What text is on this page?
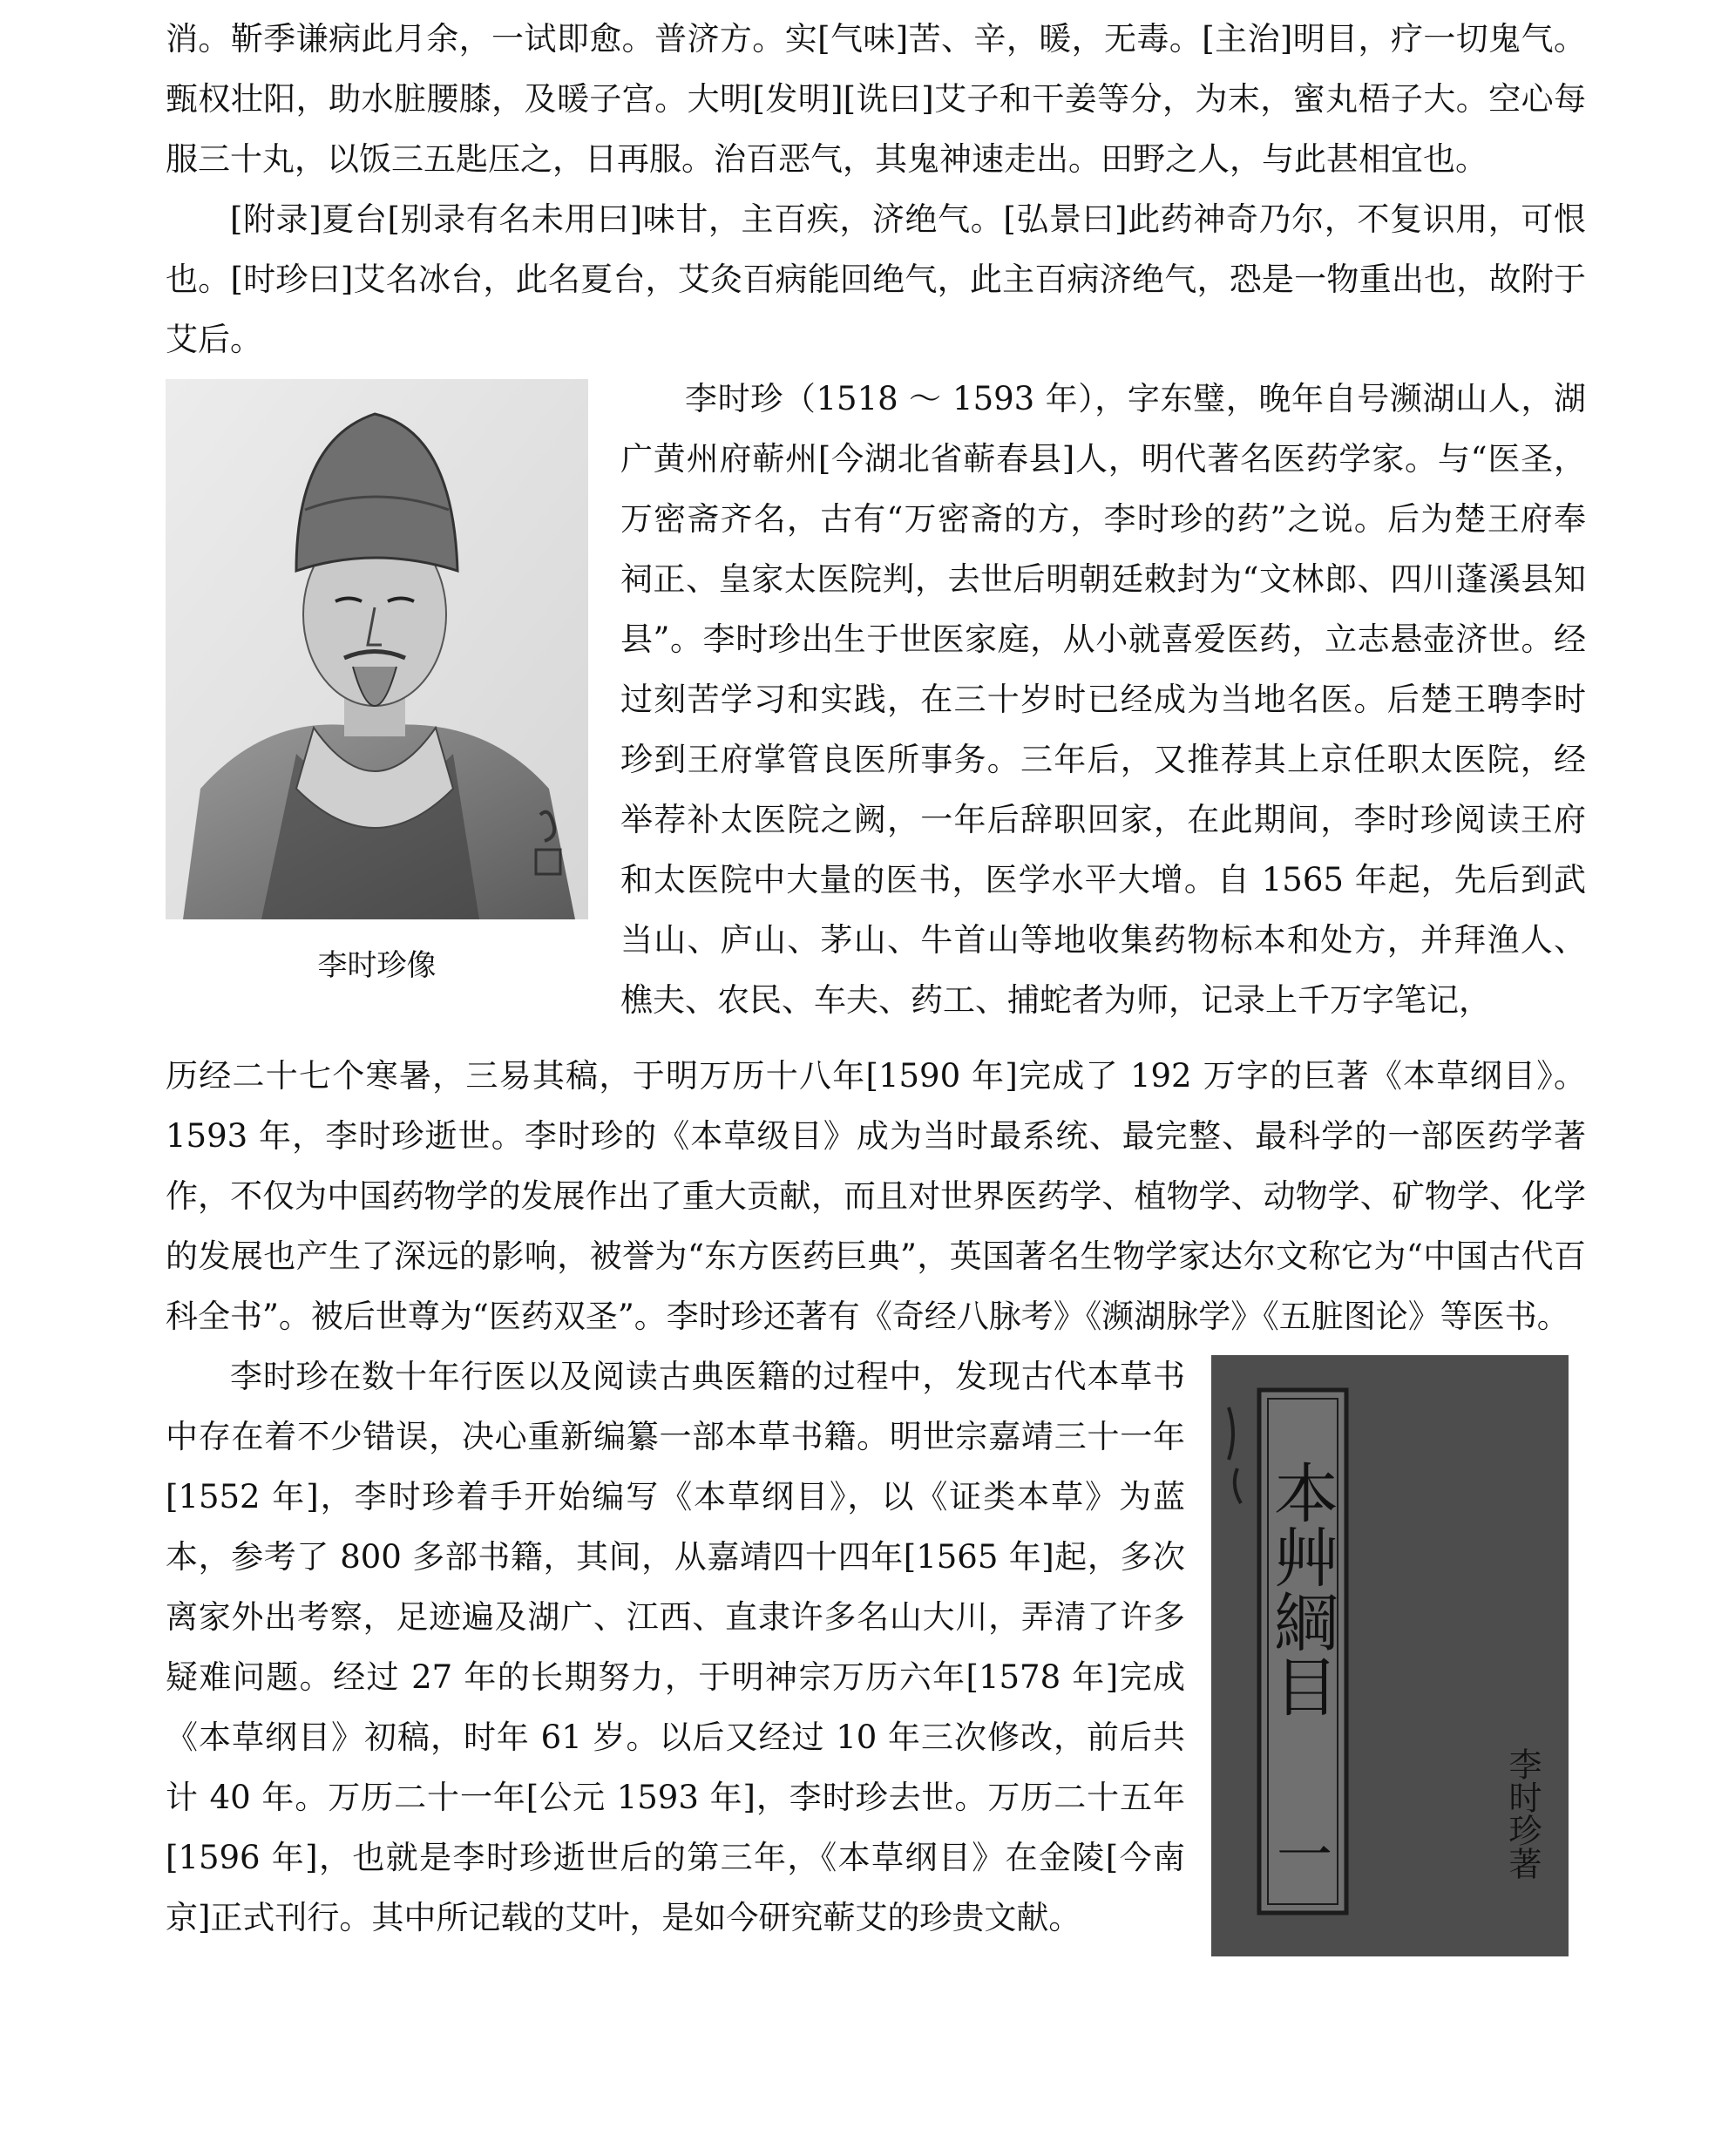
消。靳季谦病此月余，一试即愈。普济方。实[气味]苦、辛，暖，无毒。[主治]明目，疗一切鬼气。甄权壮阳，助水脏腰膝，及暖子宫。大明[发明][诜曰]艾子和干姜等分，为末，蜜丸梧子大。空心每服三十丸，以饭三五匙压之，日再服。治百恶气，其鬼神速走出。田野之人，与此甚相宜也。

[附录]夏台[别录有名未用曰]味甘，主百疾，济绝气。[弘景曰]此药神奇乃尔，不复识用，可恨也。[时珍曰]艾名冰台，此名夏台，艾灸百病能回绝气，此主百病济绝气，恐是一物重出也，故附于艾后。

李时珍像

李时珍（1518 ～ 1593 年），字东璧，晚年自号濒湖山人，湖广黄州府蕲州[今湖北省蕲春县]人，明代著名医药学家。与“医圣，万密斋齐名，古有“万密斋的方，李时珍的药”之说。后为楚王府奉祠正、皇家太医院判，去世后明朝廷敕封为“文林郎、四川蓬溪县知县”。李时珍出生于世医家庭，从小就喜爱医药，立志悬壶济世。经过刻苦学习和实践，在三十岁时已经成为当地名医。后楚王聘李时珍到王府掌管良医所事务。三年后，又推荐其上京任职太医院，经举荐补太医院之阙，一年后辞职回家，在此期间，李时珍阅读王府和太医院中大量的医书，医学水平大增。自 1565 年起，先后到武当山、庐山、茅山、牛首山等地收集药物标本和处方，并拜渔人、樵夫、农民、车夫、药工、捕蛇者为师，记录上千万字笔记，

历经二十七个寒暑，三易其稿，于明万历十八年[1590 年]完成了 192 万字的巨著《本草纲目》。1593 年，李时珍逝世。李时珍的《本草级目》成为当时最系统、最完整、最科学的一部医药学著作，不仅为中国药物学的发展作出了重大贡献，而且对世界医药学、植物学、动物学、矿物学、化学的发展也产生了深远的影响，被誉为“东方医药巨典”，英国著名生物学家达尔文称它为“中国古代百科全书”。被后世尊为“医药双圣”。李时珍还著有《奇经八脉考》《濒湖脉学》《五脏图论》等医书。

李时珍在数十年行医以及阅读古典医籍的过程中，发现古代本草书中存在着不少错误，决心重新编纂一部本草书籍。明世宗嘉靖三十一年[1552 年]，李时珍着手开始编写《本草纲目》，以《证类本草》为蓝本，参考了 800 多部书籍，其间，从嘉靖四十四年[1565 年]起，多次离家外出考察，足迹遍及湖广、江西、直隶许多名山大川，弄清了许多疑难问题。经过 27 年的长期努力，于明神宗万历六年[1578 年]完成《本草纲目》初稿，时年 61 岁。以后又经过 10 年三次修改，前后共计 40 年。万历二十一年[公元 1593 年]，李时珍去世。万历二十五年[1596 年]，也就是李时珍逝世后的第三年，《本草纲目》在金陵[今南京]正式刊行。其中所记载的艾叶，是如今研究蕲艾的珍贵文献。

本艸綱目
一	李时珍著
